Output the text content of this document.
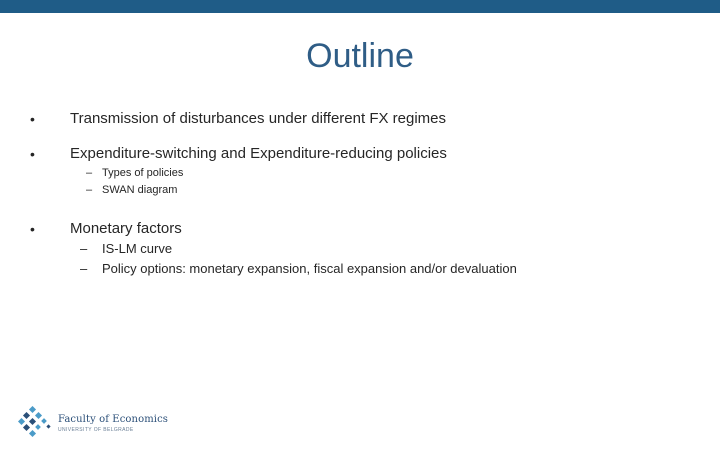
Outline
• Transmission of disturbances under different FX regimes
• Expenditure-switching and Expenditure-reducing policies
– Types of policies
– SWAN diagram
• Monetary factors
– IS-LM curve
– Policy options: monetary expansion, fiscal expansion and/or devaluation
Faculty of Economics
UNIVERSITY OF BELGRADE
